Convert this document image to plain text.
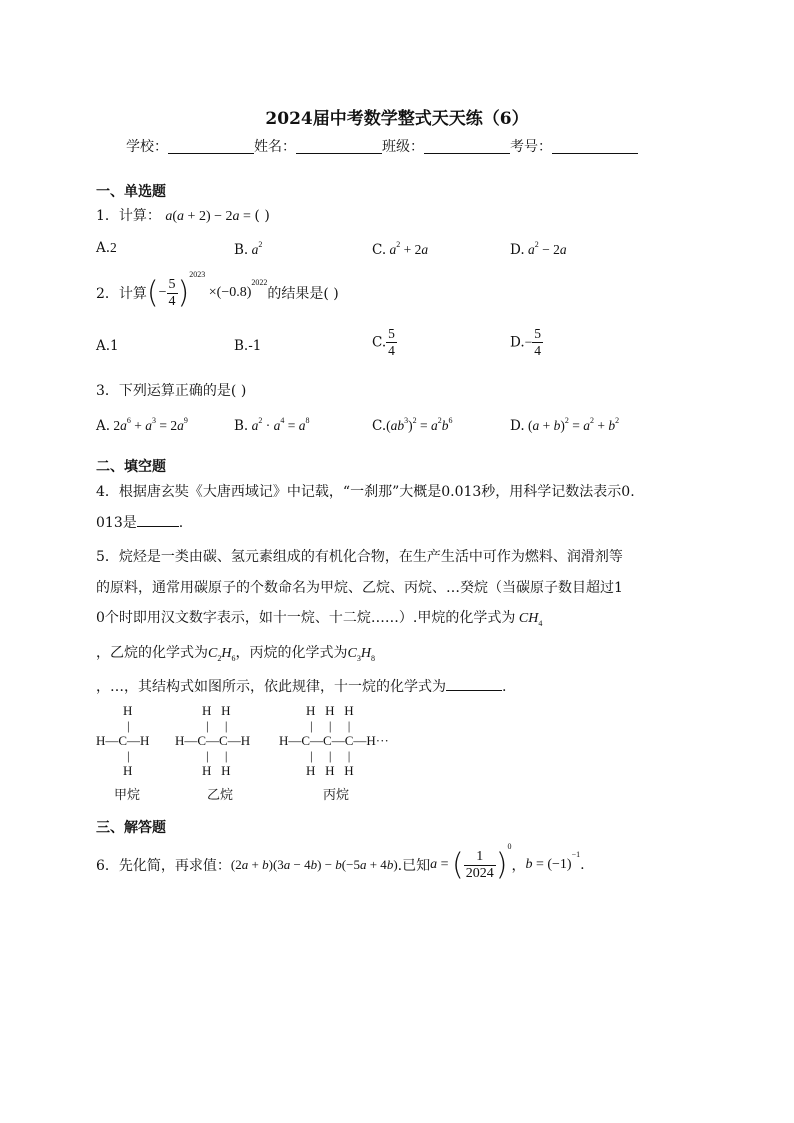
2024届中考数学整式天天练（6）
学校：	姓名：	班级：	考号：
一、单选题
1．计算： a(a + 2) − 2a = ( )
A.2	B. $a^2$	C. $a^2 + 2a$	D. $a^2 - 2a$
2．计算(− $\frac{5}{4} )^{2023} \times(-0.8)^{2022}$的结果是( )
A.1	B.-1	C. $\frac{5}{4}$	$D.- \frac{5}{4}$
3．下列运算正确的是( )
A. $2a^6 + a^3 = 2a^9$	B. $a^2 \cdot a^4 = a^8$	$C.(ab^3)^2 = a^2b^6$	D. $(a + b)^2 = a^2 + b^2$
二、填空题
4．根据唐玄奘《大唐西域记》中记载，“一刹那”大概是0.013秒，用科学记数法表示0.
013是	.
5．烷烃是一类由碳、氢元素组成的有机化合物，在生产生活中可作为燃料、润滑剂等
的原料，通常用碳原子的个数命名为甲烷、乙烷、丙烷、…癸烷（当碳原子数目超过1
0个时即用汉文数字表示，如十一烷、十二烷……）.甲烷的化学式为 $CH_4$
，乙烷的化学式为$C_2H_6$，丙烷的化学式为$C_3H_8$
，…，其结构式如图所示，依此规律，十一烷的化学式为	.
H
|
H—C—H
|
H
H   H
|     |
H—C—C—H
|     |
H   H
H   H   H
|     |     |
H—C—C—C—H···
|     |     |
H   H   H
甲烷	乙烷	丙烷
三、解答题
6．先化简，再求值：(2a + b)(3a − 4b) − b(−5a + 4b).已知a = ( $\frac{1}{2024} )^0$，$b = (-1)^{-1}$.
